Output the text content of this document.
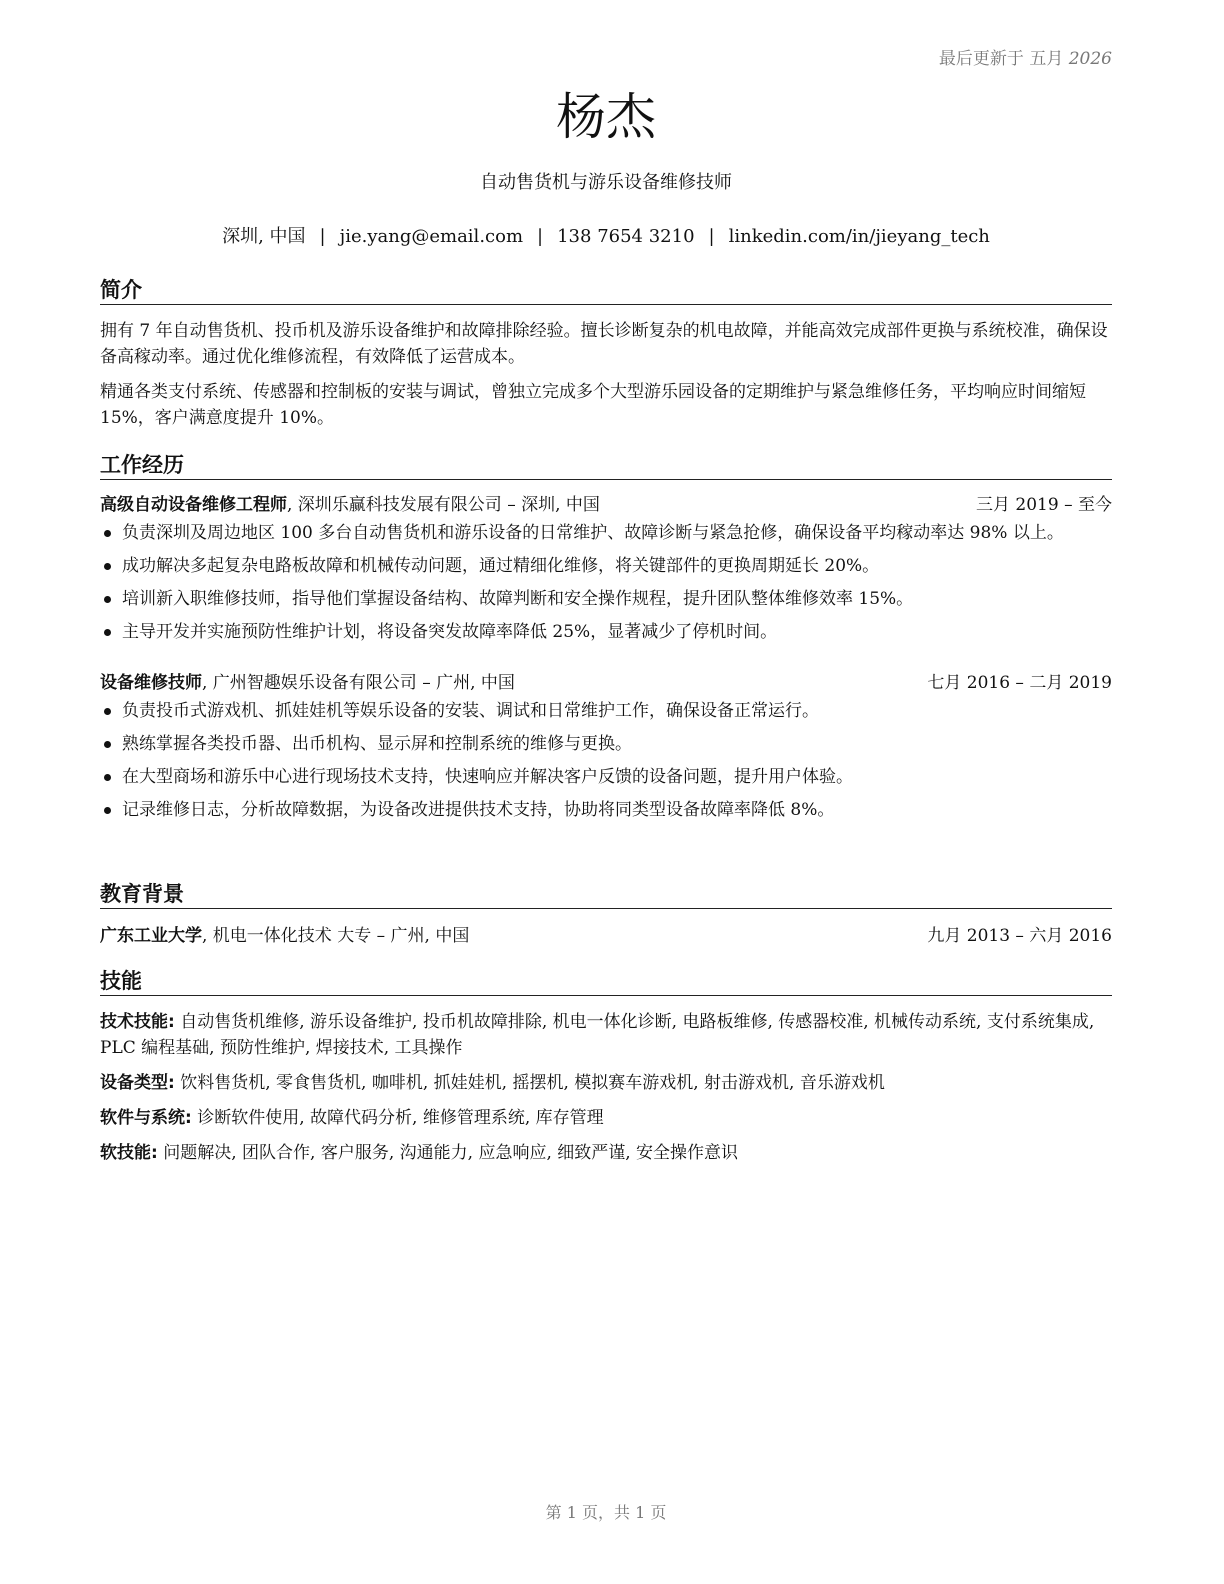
最后更新于 五月 2026
杨杰
自动售货机与游乐设备维修技师
深圳, 中国 | jie.yang@email.com | 138 7654 3210 | linkedin.com/in/jieyang_tech
简介

拥有 7 年自动售货机、投币机及游乐设备维护和故障排除经验。擅长诊断复杂的机电故障，并能高效完成部件更换与系统校准，确保设备高稼动率。通过优化维修流程，有效降低了运营成本。

精通各类支付系统、传感器和控制板的安装与调试，曾独立完成多个大型游乐园设备的定期维护与紧急维修任务，平均响应时间缩短 15%，客户满意度提升 10%。

工作经历
高级自动设备维修工程师, 深圳乐赢科技发展有限公司 – 深圳, 中国	三月 2019 – 至今
负责深圳及周边地区 100 多台自动售货机和游乐设备的日常维护、故障诊断与紧急抢修，确保设备平均稼动率达 98% 以上。
成功解决多起复杂电路板故障和机械传动问题，通过精细化维修，将关键部件的更换周期延长 20%。
培训新入职维修技师，指导他们掌握设备结构、故障判断和安全操作规程，提升团队整体维修效率 15%。
主导开发并实施预防性维护计划，将设备突发故障率降低 25%，显著减少了停机时间。
设备维修技师, 广州智趣娱乐设备有限公司 – 广州, 中国	七月 2016 – 二月 2019
负责投币式游戏机、抓娃娃机等娱乐设备的安装、调试和日常维护工作，确保设备正常运行。
熟练掌握各类投币器、出币机构、显示屏和控制系统的维修与更换。
在大型商场和游乐中心进行现场技术支持，快速响应并解决客户反馈的设备问题，提升用户体验。
记录维修日志，分析故障数据，为设备改进提供技术支持，协助将同类型设备故障率降低 8%。
教育背景
广东工业大学, 机电一体化技术 大专 – 广州, 中国	九月 2013 – 六月 2016
技能

技术技能: 自动售货机维修, 游乐设备维护, 投币机故障排除, 机电一体化诊断, 电路板维修, 传感器校准, 机械传动系统, 支付系统集成, PLC 编程基础, 预防性维护, 焊接技术, 工具操作

设备类型: 饮料售货机, 零食售货机, 咖啡机, 抓娃娃机, 摇摆机, 模拟赛车游戏机, 射击游戏机, 音乐游戏机

软件与系统: 诊断软件使用, 故障代码分析, 维修管理系统, 库存管理

软技能: 问题解决, 团队合作, 客户服务, 沟通能力, 应急响应, 细致严谨, 安全操作意识

第 1 页，共 1 页
